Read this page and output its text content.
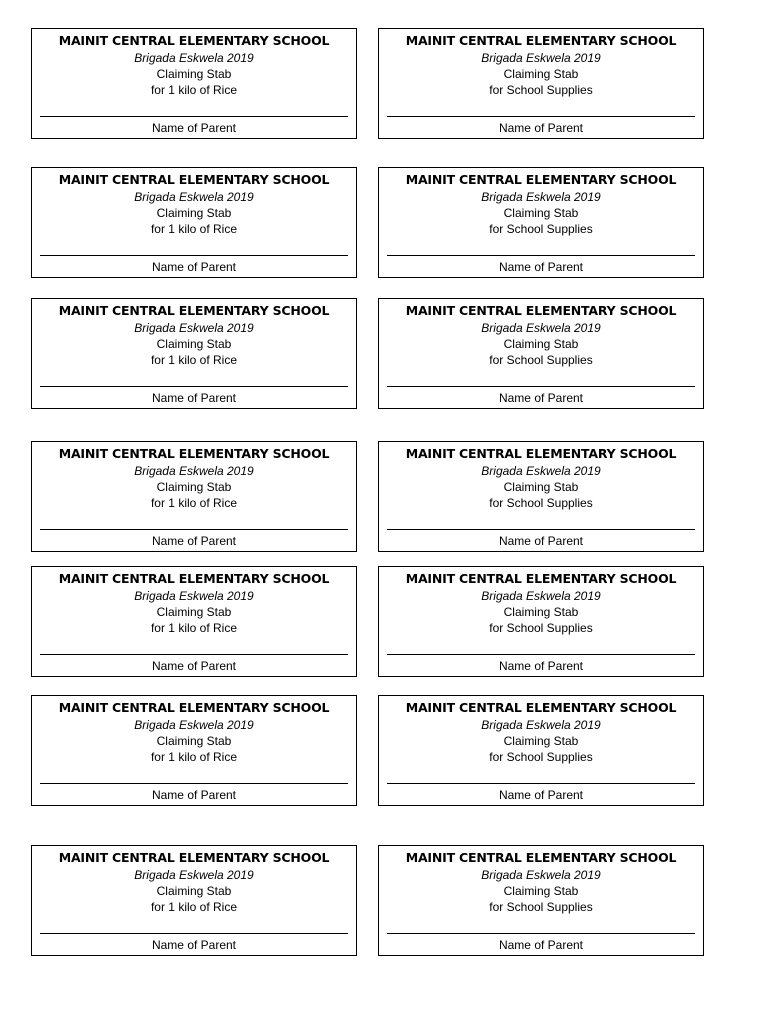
MAINIT CENTRAL ELEMENTARY SCHOOL
Brigada Eskwela 2019
Claiming Stab
for 1 kilo of Rice
Name of Parent
MAINIT CENTRAL ELEMENTARY SCHOOL
Brigada Eskwela 2019
Claiming Stab
for School Supplies
Name of Parent
MAINIT CENTRAL ELEMENTARY SCHOOL
Brigada Eskwela 2019
Claiming Stab
for 1 kilo of Rice
Name of Parent
MAINIT CENTRAL ELEMENTARY SCHOOL
Brigada Eskwela 2019
Claiming Stab
for School Supplies
Name of Parent
MAINIT CENTRAL ELEMENTARY SCHOOL
Brigada Eskwela 2019
Claiming Stab
for 1 kilo of Rice
Name of Parent
MAINIT CENTRAL ELEMENTARY SCHOOL
Brigada Eskwela 2019
Claiming Stab
for School Supplies
Name of Parent
MAINIT CENTRAL ELEMENTARY SCHOOL
Brigada Eskwela 2019
Claiming Stab
for 1 kilo of Rice
Name of Parent
MAINIT CENTRAL ELEMENTARY SCHOOL
Brigada Eskwela 2019
Claiming Stab
for School Supplies
Name of Parent
MAINIT CENTRAL ELEMENTARY SCHOOL
Brigada Eskwela 2019
Claiming Stab
for 1 kilo of Rice
Name of Parent
MAINIT CENTRAL ELEMENTARY SCHOOL
Brigada Eskwela 2019
Claiming Stab
for School Supplies
Name of Parent
MAINIT CENTRAL ELEMENTARY SCHOOL
Brigada Eskwela 2019
Claiming Stab
for 1 kilo of Rice
Name of Parent
MAINIT CENTRAL ELEMENTARY SCHOOL
Brigada Eskwela 2019
Claiming Stab
for School Supplies
Name of Parent
MAINIT CENTRAL ELEMENTARY SCHOOL
Brigada Eskwela 2019
Claiming Stab
for 1 kilo of Rice
Name of Parent
MAINIT CENTRAL ELEMENTARY SCHOOL
Brigada Eskwela 2019
Claiming Stab
for School Supplies
Name of Parent
